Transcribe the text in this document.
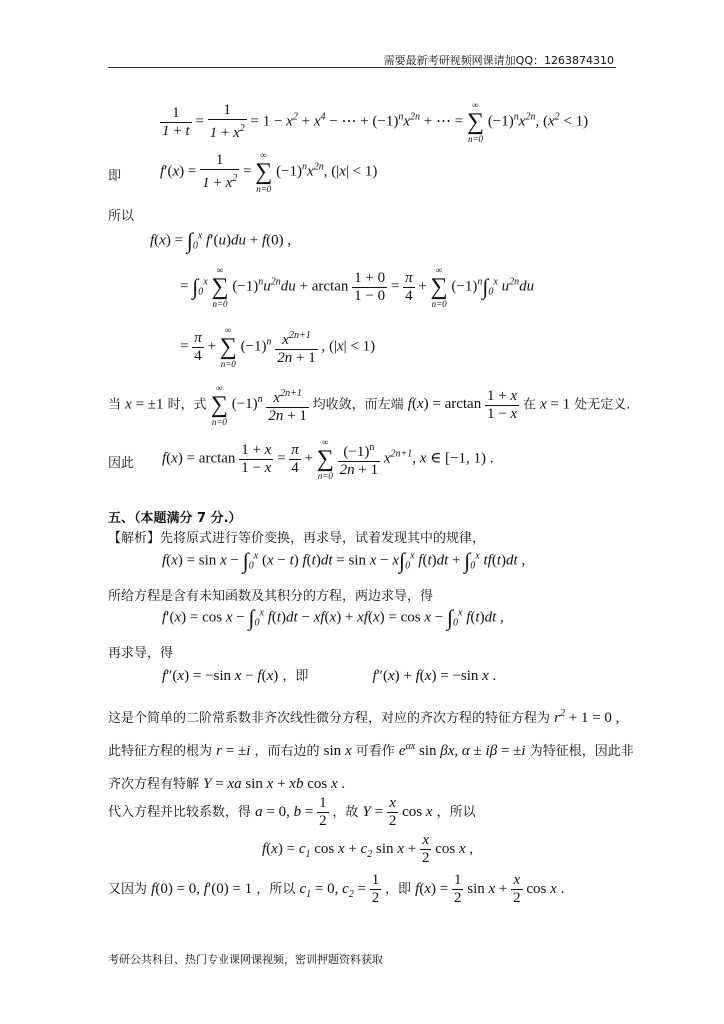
需要最新考研视频网课请加QQ：1263874310
$\frac{1}{1 + t} = \frac{1}{1 + x^2} = 1 - x^2 + x^4$ − ⋯ + $(-1)^nx^{2n}$ + ⋯ =
∞
∑
n=0
$(-1)^nx^{2n}$, $(x^2 < 1)$
即	$f'(x) = \frac{1}{1 + x^2}$ =
∞
∑
n=0
$(-1)^nx^{2n}$, (|x| < 1)
所以
$f(x) = \int_0^x$ f′(u)du + f(0) ,
= $\int_0^x$
∞
∑
n=0
$(-1)^nu^{2n}du + \arctan \frac{1 + 0}{1 - 0} = \frac{\pi}{4}$ +
∞
∑
n=0
$(-1)^n\int_0^x$ $u^{2n}du$
= $\frac{\pi}{4}$ +
∞
∑
n=0
$(-1)^n \frac{x^{2n+1}}{2n + 1}$ , (|x| < 1)
当 x = ±1 时，式
∞
∑
n=0
$(-1)^n \frac{x^{2n+1}}{2n + 1}$ 均收敛，而左端 $f(x) = \arctan \frac{1 + x}{1 - x}$ 在 x = 1 处无定义.
因此 $f(x) = \arctan \frac{1 + x}{1 - x} = \frac{\pi}{4}$ +
∞
∑
n=0
$\frac{(-1)^n}{2n + 1} x^{2n+1}$, x ∈ [−1, 1) .
五、（本题满分 7 分.）
【解析】先将原式进行等价变换，再求导，试着发现其中的规律，
$f(x) = \sin x - \int_0^x$ (x − t) $f(t)dt = \sin x - x\int_0^x$ $f(t)dt + \int_0^x$ tf(t)dt ,
所给方程是含有未知函数及其积分的方程，两边求导，得
$f'(x) = \cos x - \int_0^x$ $f(t)dt - xf(x) + xf(x) = \cos x - \int_0^x$ f(t)dt ,
再求导，得
f″(x) = −sin x − f(x) ，即	f″(x) + f(x) = −sin x .
这是个简单的二阶常系数非齐次线性微分方程，对应的齐次方程的特征方程为 $r^2 + 1 = 0$ ,
此特征方程的根为 r = ±i ，而右边的 sin x 可看作 $e^{\alpha x}$ sin βx, α ± iβ = ±i 为特征根，因此非
齐次方程有特解 Y = xa sin x + xb cos x .
代入方程并比较系数，得 a = 0, $b = \frac{1}{2}$ ，故 $Y = \frac{x}{2}$ cos x ，所以
$f(x) = c_1$ $\cos x + c_2$ $\sin x + \frac{x}{2}$ cos x ,
又因为 f(0) = 0, f′(0) = 1 ，所以 $c_1 = 0$, $c_2 = \frac{1}{2}$ ，即 $f(x) = \frac{1}{2}$ $\sin x + \frac{x}{2}$ cos x .
考研公共科目、热门专业课网课视频，密训押题资料获取
